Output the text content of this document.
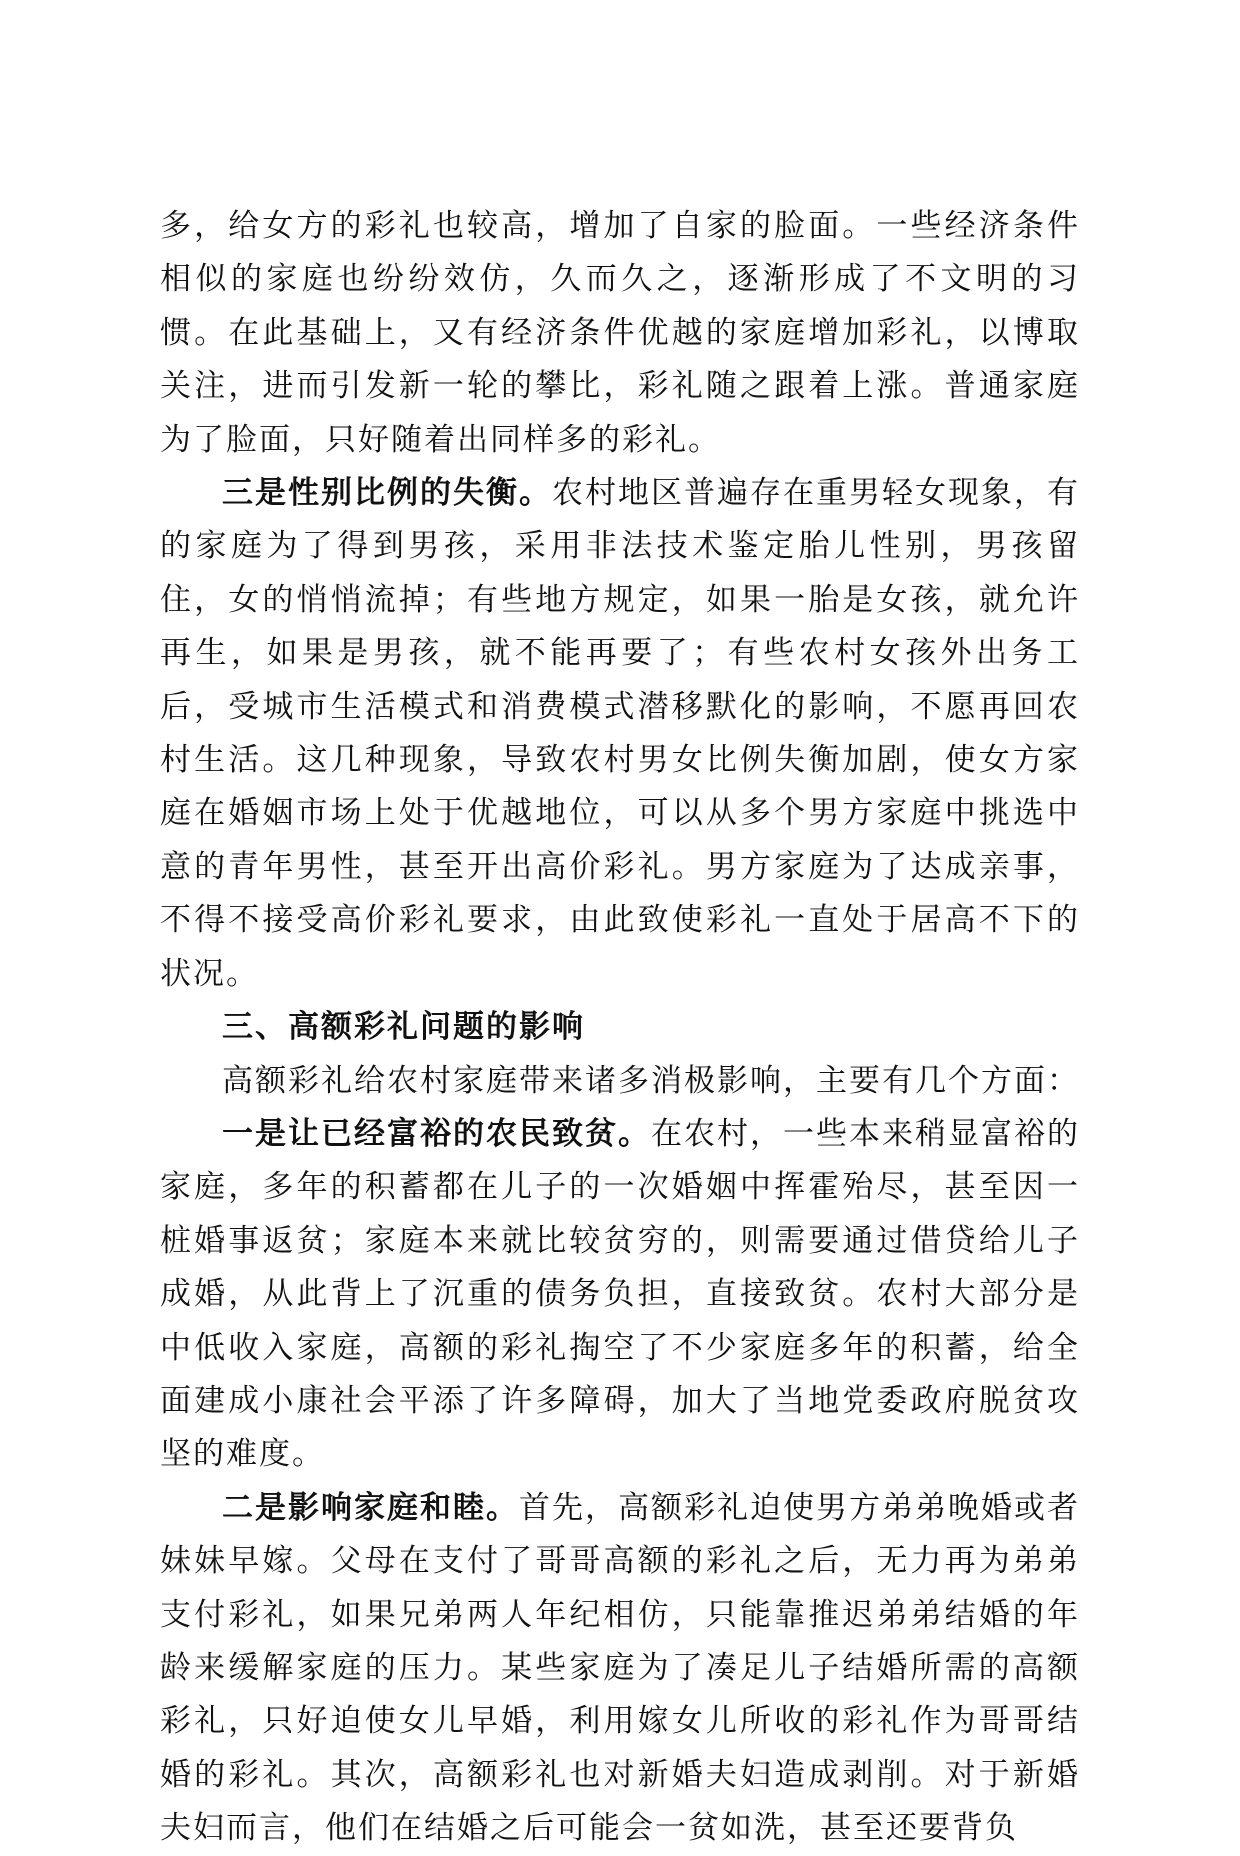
多，给女方的彩礼也较高，增加了自家的脸面。一些经济条件相似的家庭也纷纷效仿，久而久之，逐渐形成了不文明的习惯。在此基础上，又有经济条件优越的家庭增加彩礼，以博取关注，进而引发新一轮的攀比，彩礼随之跟着上涨。普通家庭为了脸面，只好随着出同样多的彩礼。

三是性别比例的失衡。农村地区普遍存在重男轻女现象，有的家庭为了得到男孩，采用非法技术鉴定胎儿性别，男孩留住，女的悄悄流掉；有些地方规定，如果一胎是女孩，就允许再生，如果是男孩，就不能再要了；有些农村女孩外出务工后，受城市生活模式和消费模式潜移默化的影响，不愿再回农村生活。这几种现象，导致农村男女比例失衡加剧，使女方家庭在婚姻市场上处于优越地位，可以从多个男方家庭中挑选中意的青年男性，甚至开出高价彩礼。男方家庭为了达成亲事，不得不接受高价彩礼要求，由此致使彩礼一直处于居高不下的状况。

三、高额彩礼问题的影响

高额彩礼给农村家庭带来诸多消极影响，主要有几个方面：

一是让已经富裕的农民致贫。在农村，一些本来稍显富裕的家庭，多年的积蓄都在儿子的一次婚姻中挥霍殆尽，甚至因一桩婚事返贫；家庭本来就比较贫穷的，则需要通过借贷给儿子成婚，从此背上了沉重的债务负担，直接致贫。农村大部分是中低收入家庭，高额的彩礼掏空了不少家庭多年的积蓄，给全面建成小康社会平添了许多障碍，加大了当地党委政府脱贫攻坚的难度。

二是影响家庭和睦。首先，高额彩礼迫使男方弟弟晚婚或者妹妹早嫁。父母在支付了哥哥高额的彩礼之后，无力再为弟弟支付彩礼，如果兄弟两人年纪相仿，只能靠推迟弟弟结婚的年龄来缓解家庭的压力。某些家庭为了凑足儿子结婚所需的高额彩礼，只好迫使女儿早婚，利用嫁女儿所收的彩礼作为哥哥结婚的彩礼。其次，高额彩礼也对新婚夫妇造成剥削。对于新婚夫妇而言，他们在结婚之后可能会一贫如洗，甚至还要背负
